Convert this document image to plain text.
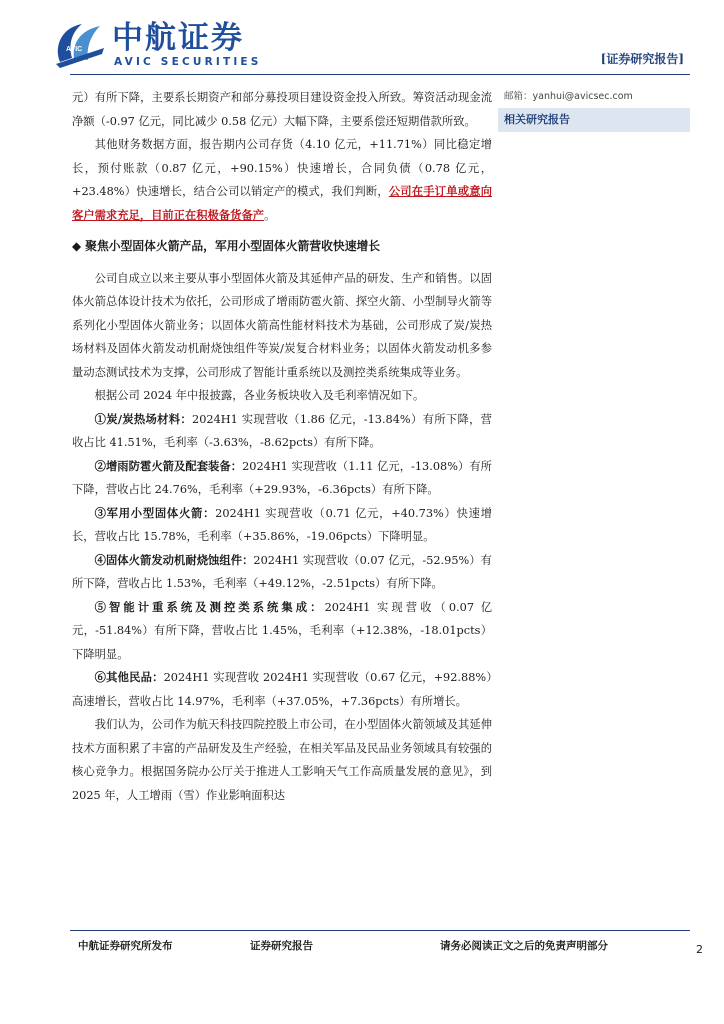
AVIC 中航证券
AVIC SECURITIES	[证券研究报告]
邮箱：yanhui@avicsec.com
相关研究报告

元）有所下降，主要系长期资产和部分募投项目建设资金投入所致。筹资活动现金流净额（-0.97 亿元，同比减少 0.58 亿元）大幅下降，主要系偿还短期借款所致。

其他财务数据方面，报告期内公司存货（4.10 亿元，+11.71%）同比稳定增长，预付账款（0.87 亿元，+90.15%）快速增长，合同负债（0.78 亿元，+23.48%）快速增长，结合公司以销定产的模式，我们判断，公司在手订单或意向客户需求充足，目前正在积极备货备产。

◆ 聚焦小型固体火箭产品，军用小型固体火箭营收快速增长

公司自成立以来主要从事小型固体火箭及其延伸产品的研发、生产和销售。以固体火箭总体设计技术为依托，公司形成了增雨防雹火箭、探空火箭、小型制导火箭等系列化小型固体火箭业务；以固体火箭高性能材料技术为基础，公司形成了炭/炭热场材料及固体火箭发动机耐烧蚀组件等炭/炭复合材料业务；以固体火箭发动机多参量动态测试技术为支撑，公司形成了智能计重系统以及测控类系统集成等业务。

根据公司 2024 年中报披露，各业务板块收入及毛利率情况如下。

①炭/炭热场材料：2024H1 实现营收（1.86 亿元，-13.84%）有所下降，营收占比 41.51%，毛利率（-3.63%，-8.62pcts）有所下降。

②增雨防雹火箭及配套装备：2024H1 实现营收（1.11 亿元，-13.08%）有所下降，营收占比 24.76%，毛利率（+29.93%，-6.36pcts）有所下降。

③军用小型固体火箭：2024H1 实现营收（0.71 亿元，+40.73%）快速增长，营收占比 15.78%，毛利率（+35.86%，-19.06pcts）下降明显。

④固体火箭发动机耐烧蚀组件：2024H1 实现营收（0.07 亿元，-52.95%）有所下降，营收占比 1.53%，毛利率（+49.12%，-2.51pcts）有所下降。

⑤智能计重系统及测控类系统集成：2024H1 实现营收（0.07 亿元，-51.84%）有所下降，营收占比 1.45%，毛利率（+12.38%，-18.01pcts）下降明显。

⑥其他民品：2024H1 实现营收 2024H1 实现营收（0.67 亿元，+92.88%）高速增长，营收占比 14.97%，毛利率（+37.05%，+7.36pcts）有所增长。

我们认为，公司作为航天科技四院控股上市公司，在小型固体火箭领域及其延伸技术方面积累了丰富的产品研发及生产经验，在相关军品及民品业务领域具有较强的核心竞争力。根据国务院办公厅关于推进人工影响天气工作高质量发展的意见》，到 2025 年，人工增雨（雪）作业影响面积达

中航证券研究所发布	证券研究报告	请务必阅读正文之后的免责声明部分	2
